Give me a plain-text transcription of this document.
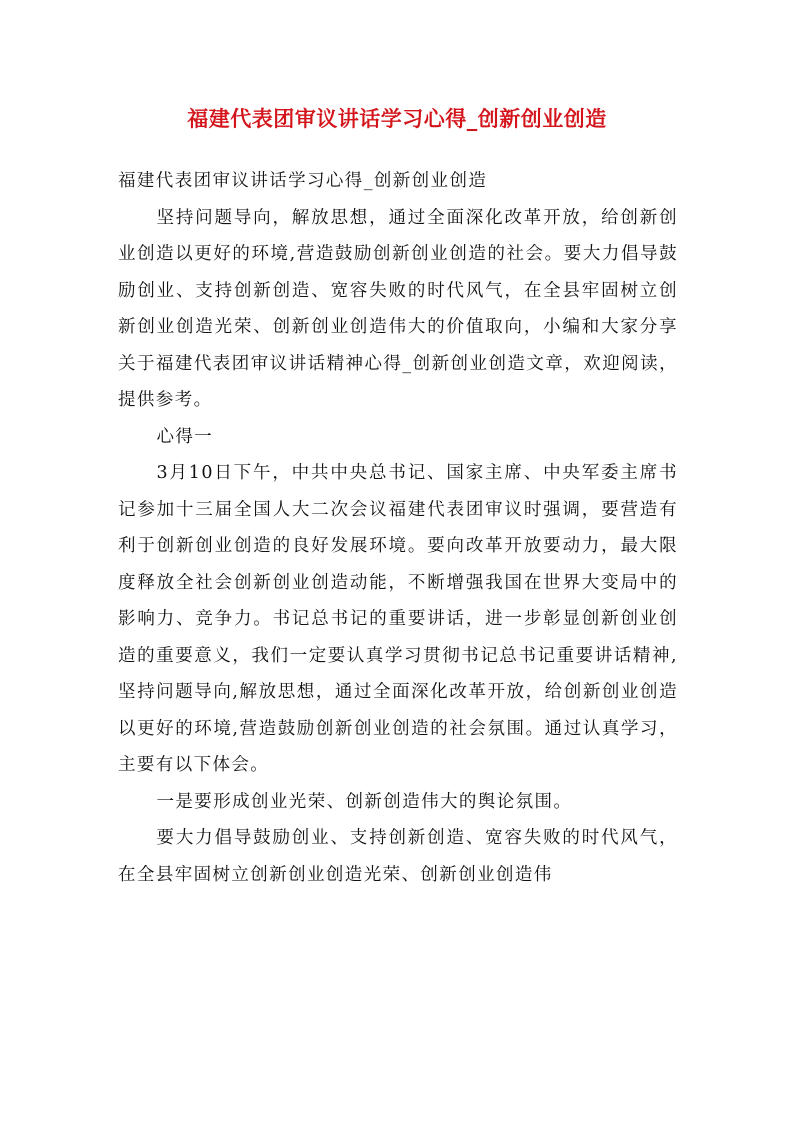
福建代表团审议讲话学习心得_创新创业创造

福建代表团审议讲话学习心得_创新创业创造

坚持问题导向，解放思想，通过全面深化改革开放，给创新创业创造以更好的环境,营造鼓励创新创业创造的社会。要大力倡导鼓励创业、支持创新创造、宽容失败的时代风气，在全县牢固树立创新创业创造光荣、创新创业创造伟大的价值取向，小编和大家分享关于福建代表团审议讲话精神心得_创新创业创造文章，欢迎阅读，提供参考。

心得一

3月10日下午，中共中央总书记、国家主席、中央军委主席书记参加十三届全国人大二次会议福建代表团审议时强调，要营造有利于创新创业创造的良好发展环境。要向改革开放要动力，最大限度释放全社会创新创业创造动能，不断增强我国在世界大变局中的影响力、竞争力。书记总书记的重要讲话，进一步彰显创新创业创造的重要意义，我们一定要认真学习贯彻书记总书记重要讲话精神,坚持问题导向,解放思想，通过全面深化改革开放，给创新创业创造以更好的环境,营造鼓励创新创业创造的社会氛围。通过认真学习，主要有以下体会。

一是要形成创业光荣、创新创造伟大的舆论氛围。

要大力倡导鼓励创业、支持创新创造、宽容失败的时代风气，在全县牢固树立创新创业创造光荣、创新创业创造伟
